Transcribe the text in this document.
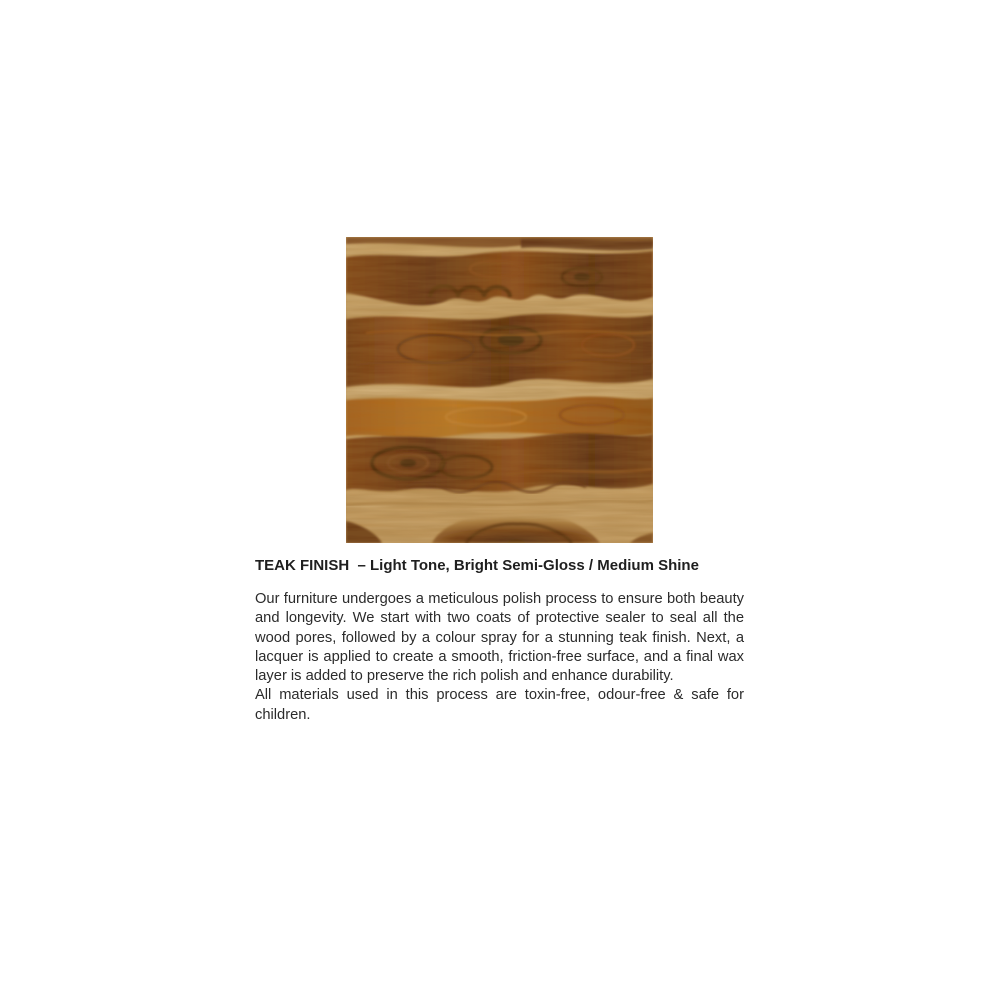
TEAK FINISH  – Light Tone, Bright Semi-Gloss / Medium Shine

Our furniture undergoes a meticulous polish process to ensure both beauty and longevity. We start with two coats of protective sealer to seal all the wood pores, followed by a colour spray for a stunning teak finish. Next, a lacquer is applied to create a smooth, friction-free surface, and a final wax layer is added to preserve the rich polish and enhance durability.

All materials used in this process are toxin-free, odour-free & safe for children.
